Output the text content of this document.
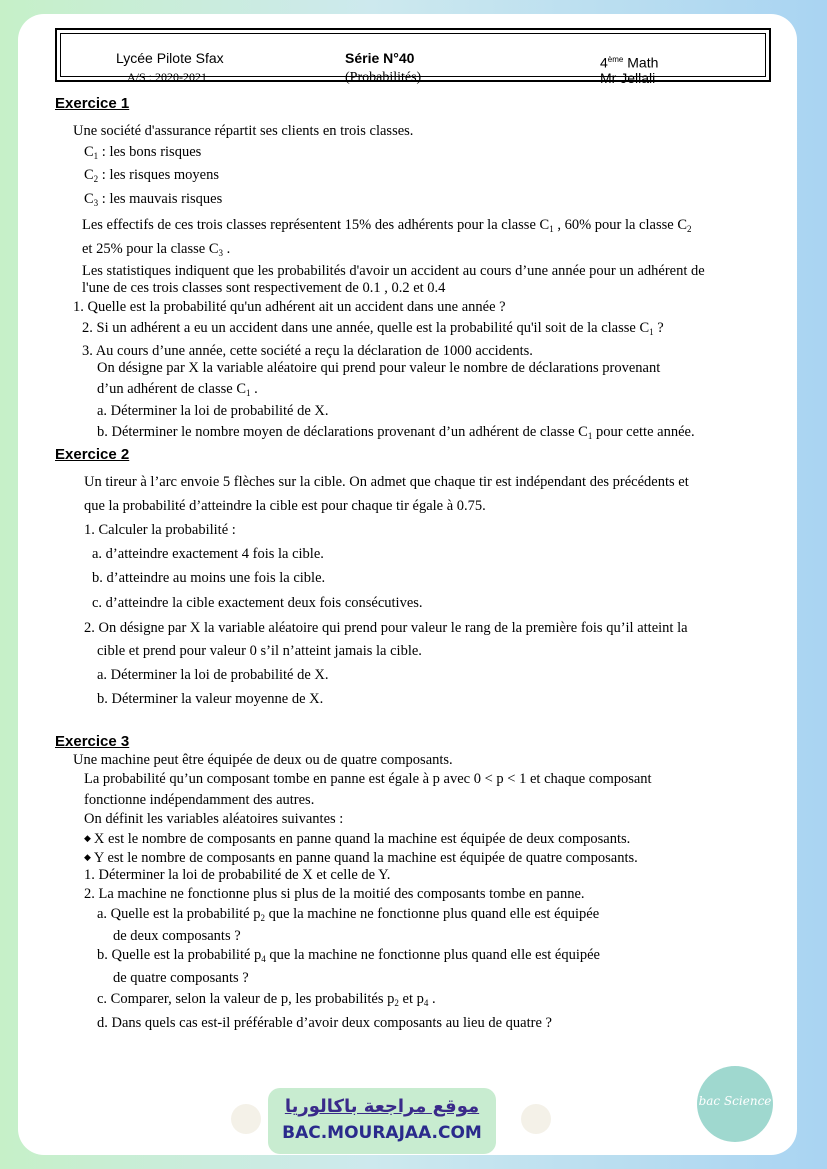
Lycée Pilote Sfax
A/S : 2020-2021
Série N°40
(Probabilités)
4ème Math
Mr Jellali
Exercice 1
Une société d'assurance répartit ses clients en trois classes.
$C_1$ : les bons risques
$C_2$ : les risques moyens
$C_3$ : les mauvais risques
Les effectifs de ces trois classes représentent 15% des adhérents pour la classe $C_1$ , 60% pour la classe $C_2$
et 25% pour la classe $C_3$ .
Les statistiques indiquent que les probabilités d'avoir un accident au cours d’une année pour un adhérent de
l'une de ces trois classes sont respectivement de 0.1 , 0.2 et 0.4
1. Quelle est la probabilité qu'un adhérent ait un accident dans une année ?
2. Si un adhérent a eu un accident dans une année, quelle est la probabilité qu'il soit de la classe $C_1$ ?
3. Au cours d’une année, cette société a reçu la déclaration de 1000 accidents.
On désigne par X la variable aléatoire qui prend pour valeur le nombre de déclarations provenant
d’un adhérent de classe $C_1$ .
a. Déterminer la loi de probabilité de X.
b. Déterminer le nombre moyen de déclarations provenant d’un adhérent de classe $C_1$ pour cette année.
Exercice 2
Un tireur à l’arc envoie 5 flèches sur la cible. On admet que chaque tir est indépendant des précédents et
que la probabilité d’atteindre la cible est pour chaque tir égale à 0.75.
1. Calculer la probabilité :
a. d’atteindre exactement 4 fois la cible.
b. d’atteindre au moins une fois la cible.
c. d’atteindre la cible exactement deux fois consécutives.
2. On désigne par X la variable aléatoire qui prend pour valeur le rang de la première fois qu’il atteint la
cible et prend pour valeur 0 s’il n’atteint jamais la cible.
a. Déterminer la loi de probabilité de X.
b. Déterminer la valeur moyenne de X.
Exercice 3
Une machine peut être équipée de deux ou de quatre composants.
La probabilité qu’un composant tombe en panne est égale à p avec 0 < p < 1 et chaque composant
fonctionne indépendamment des autres.
On définit les variables aléatoires suivantes :
◆ X est le nombre de composants en panne quand la machine est équipée de deux composants.
◆ Y est le nombre de composants en panne quand la machine est équipée de quatre composants.
1. Déterminer la loi de probabilité de X et celle de Y.
2. La machine ne fonctionne plus si plus de la moitié des composants tombe en panne.
a. Quelle est la probabilité $p_2$ que la machine ne fonctionne plus quand elle est équipée
de deux composants ?
b. Quelle est la probabilité $p_4$ que la machine ne fonctionne plus quand elle est équipée
de quatre composants ?
c. Comparer, selon la valeur de p, les probabilités $p_2$ et $p_4$ .
d. Dans quels cas est-il préférable d’avoir deux composants au lieu de quatre ?
موقع مراجعة باكالوريا
BAC.MOURAJAA.COM
bac Science
